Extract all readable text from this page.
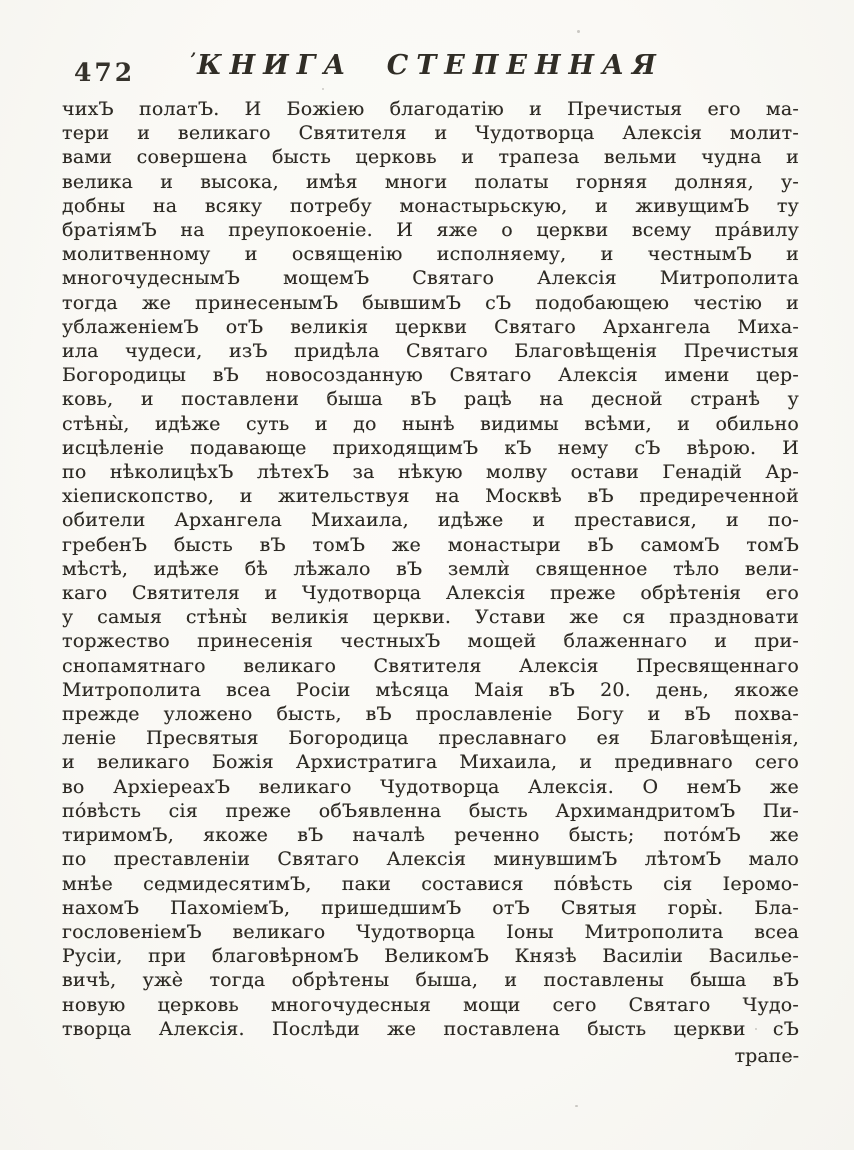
472	’КНИГА СТЕПЕННАЯ
чихЪ полатЪ. И Божіею благодатію и Пречистыя его ма-
тери и великаго Святителя и Чудотворца Алексія молит-
вами совершена бысть церковь и трапеза вельми чудна и
велика и высока, имѣя многи полаты горняя долняя, у-
добны на всяку потребу монастырьскую, и живущимЪ ту
братіямЪ на преупокоеніе. И яже о церкви всему пра́вилу
молитвенному и освященію исполняему, и честнымЪ и
многочудеснымЪ мощемЪ Святаго Алексія Митрополита
тогда же принесенымЪ бывшимЪ сЪ подобающею честію и
ублаженіемЪ отЪ великія церкви Святаго Архангела Миха-
ила чудеси, изЪ придѣла Святаго Благовѣщенія Пречистыя
Богородицы вЪ новосозданную Святаго Алексія имени цер-
ковь, и поставлени быша вЪ рацѣ на десной странѣ у
стѣны̀, идѣже суть и до нынѣ видимы всѣми, и обильно
исцѣленіе подавающе приходящимЪ кЪ нему сЪ вѣрою. И
по нѣколицѣхЪ лѣтехЪ за нѣкую молву остави Генадій Ар-
хіепископство, и жительствуя на Москвѣ вЪ предиреченной
обители Архангела Михаила, идѣже и преставися, и по-
гребенЪ бысть вЪ томЪ же монастыри вЪ самомЪ томЪ
мѣстѣ, идѣже бѣ лѣжало вЪ землѝ священное тѣло вели-
каго Святителя и Чудотворца Алексія преже обрѣтенія его
у самыя стѣны̀ великія церкви. Устави же ся праздновати
торжество принесенія честныхЪ мощей блаженнаго и при-
снопамятнаго великаго Святителя Алексія Пресвященнаго
Митрополита всеа Росіи мѣсяца Маія вЪ 20. день, якоже
прежде уложено бысть, вЪ прославленіе Богу и вЪ похва-
леніе Пресвятыя Богородица преславнаго ея Благовѣщенія,
и великаго Божія Архистратига Михаила, и предивнаго сего
во АрхіереахЪ великаго Чудотворца Алексія. О немЪ же
по́вѣсть сія преже обЪявленна бысть АрхимандритомЪ Пи-
тиримомЪ, якоже вЪ началѣ реченно бысть; пото́мЪ же
по преставленіи Святаго Алексія минувшимЪ лѣтомЪ мало
мнѣе седмидесятимЪ, паки составися по́вѣсть сія Іеромо-
нахомЪ ПахоміемЪ, пришедшимЪ отЪ Святыя горы̀. Бла-
гословеніемЪ великаго Чудотворца Іоны Митрополита всеа
Русіи, при благовѣрномЪ ВеликомЪ Князѣ Василіи Василье-
вичѣ, ужѐ тогда обрѣтены быша, и поставлены быша вЪ
новую церковь многочудесныя мощи сего Святаго Чудо-
творца Алексія. Послѣди же поставлена бысть церкви сЪ
трапе-
